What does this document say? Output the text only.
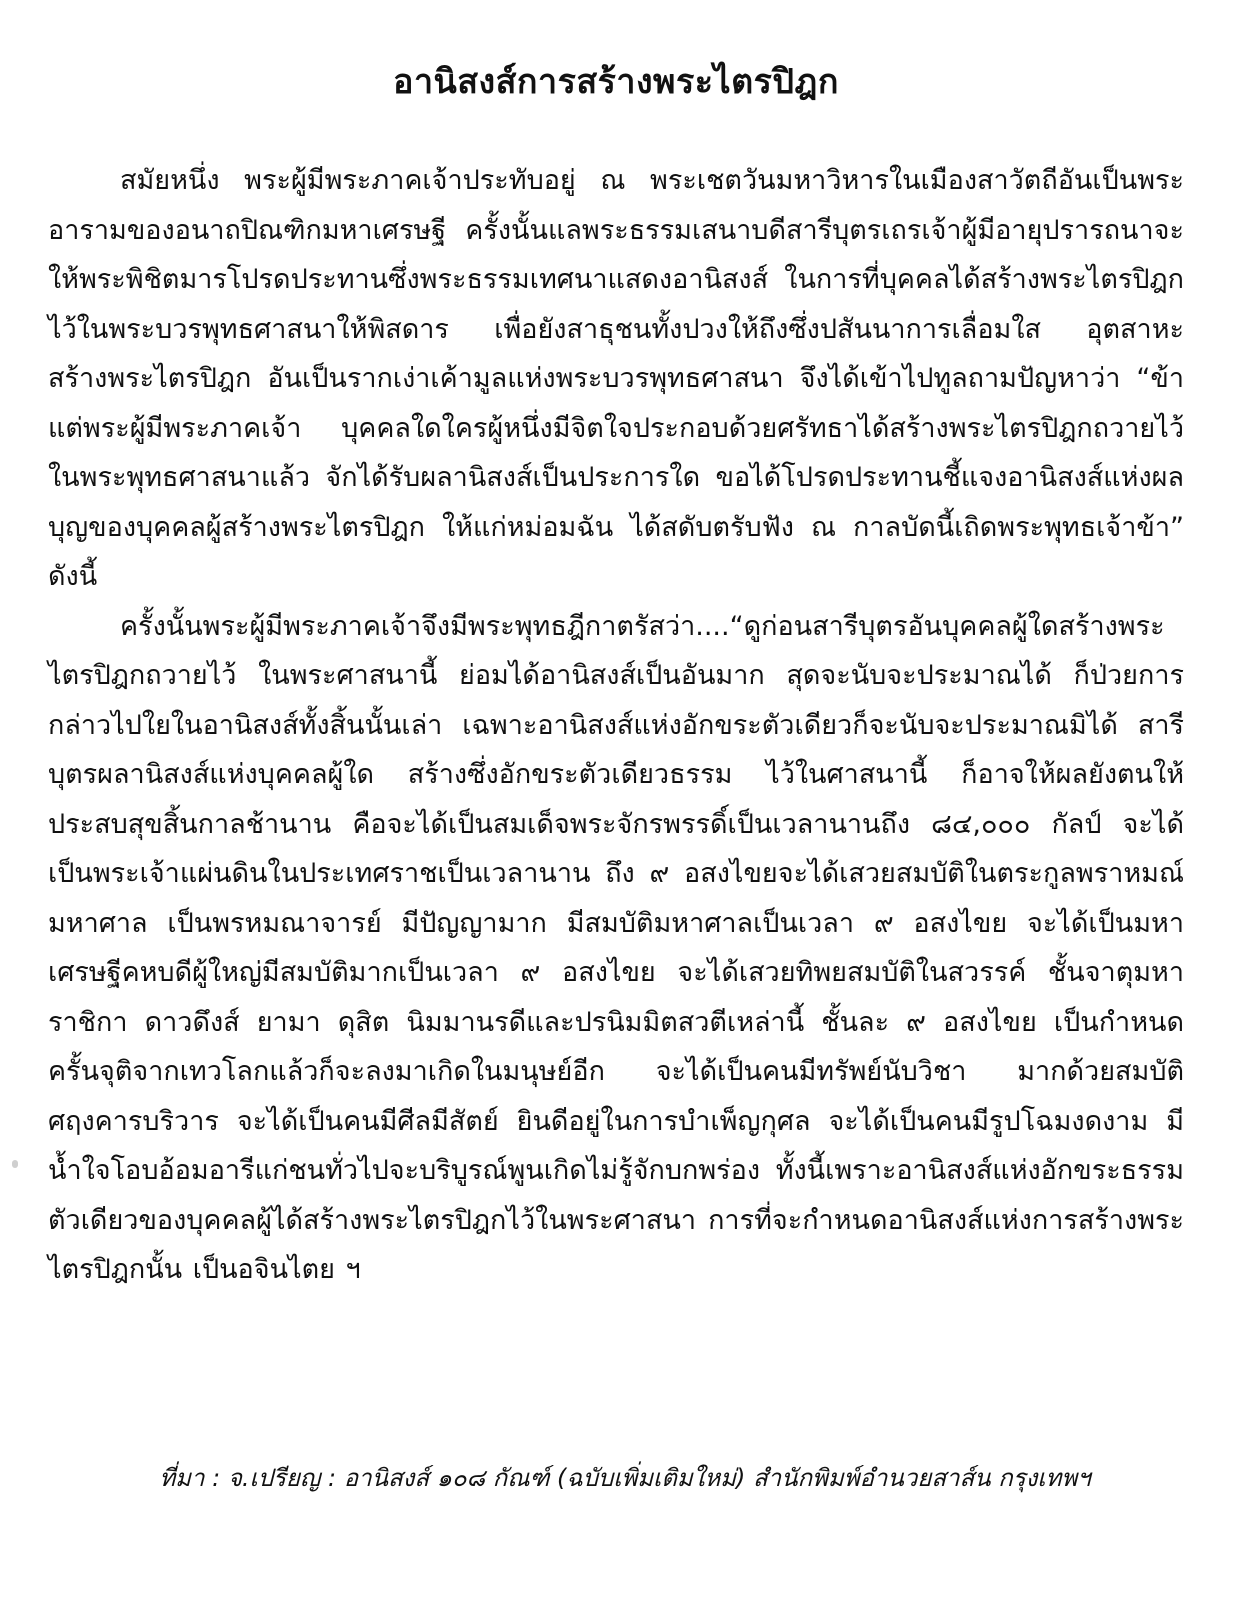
อานิสงส์การสร้างพระไตรปิฎก

สมัยหนึ่ง พระผู้มีพระภาคเจ้าประทับอยู่ ณ พระเชตวันมหาวิหารในเมืองสาวัตถีอันเป็นพระอารามของอนาถปิณฑิกมหาเศรษฐี ครั้งนั้นแลพระธรรมเสนาบดีสารีบุตรเถรเจ้าผู้มีอายุปรารถนาจะให้พระพิชิตมารโปรดประทานซึ่งพระธรรมเทศนาแสดงอานิสงส์ ในการที่บุคคลได้สร้างพระไตรปิฎก ไว้ในพระบวรพุทธศาสนาให้พิสดาร เพื่อยังสาธุชนทั้งปวงให้ถึงซึ่งปสันนาการเลื่อมใส อุตสาหะ สร้างพระไตรปิฎก อันเป็นรากเง่าเค้ามูลแห่งพระบวรพุทธศาสนา จึงได้เข้าไปทูลถามปัญหาว่า “ข้าแต่พระผู้มีพระภาคเจ้า บุคคลใดใครผู้หนึ่งมีจิตใจประกอบด้วยศรัทธาได้สร้างพระไตรปิฎกถวายไว้ในพระพุทธศาสนาแล้ว จักได้รับผลานิสงส์เป็นประการใด ขอได้โปรดประทานชี้แจงอานิสงส์แห่งผลบุญของบุคคลผู้สร้างพระไตรปิฎก ให้แก่หม่อมฉัน ได้สดับตรับฟัง ณ กาลบัดนี้เถิดพระพุทธเจ้าข้า” ดังนี้

ครั้งนั้นพระผู้มีพระภาคเจ้าจึงมีพระพุทธฎีกาตรัสว่า....“ดูก่อนสารีบุตรอันบุคคลผู้ใดสร้างพระไตรปิฎกถวายไว้ ในพระศาสนานี้ ย่อมได้อานิสงส์เป็นอันมาก สุดจะนับจะประมาณได้ ก็ป่วยการกล่าวไปใยในอานิสงส์ทั้งสิ้นนั้นเล่า เฉพาะอานิสงส์แห่งอักขระตัวเดียวก็จะนับจะประมาณมิได้ สารีบุตรผลานิสงส์แห่งบุคคลผู้ใด สร้างซึ่งอักขระตัวเดียวธรรม ไว้ในศาสนานี้ ก็อาจให้ผลยังตนให้ประสบสุขสิ้นกาลช้านาน คือจะได้เป็นสมเด็จพระจักรพรรดิ์เป็นเวลานานถึง ๘๔,๐๐๐ กัลป์ จะได้เป็นพระเจ้าแผ่นดินในประเทศราชเป็นเวลานาน ถึง ๙ อสงไขยจะได้เสวยสมบัติในตระกูลพราหมณ์มหาศาล เป็นพรหมณาจารย์ มีปัญญามาก มีสมบัติมหาศาลเป็นเวลา ๙ อสงไขย จะได้เป็นมหาเศรษฐีคหบดีผู้ใหญ่มีสมบัติมากเป็นเวลา ๙ อสงไขย จะได้เสวยทิพยสมบัติในสวรรค์ ชั้นจาตุมหาราชิกา ดาวดึงส์ ยามา ดุสิต นิมมานรดีและปรนิมมิตสวตีเหล่านี้ ชั้นละ ๙ อสงไขย เป็นกำหนด ครั้นจุติจากเทวโลกแล้วก็จะลงมาเกิดในมนุษย์อีก จะได้เป็นคนมีทรัพย์นับวิชา มากด้วยสมบัติศฤงคารบริวาร จะได้เป็นคนมีศีลมีสัตย์ ยินดีอยู่ในการบำเพ็ญกุศล จะได้เป็นคนมีรูปโฉมงดงาม มีน้ำใจโอบอ้อมอารีแก่ชนทั่วไปจะบริบูรณ์พูนเกิดไม่รู้จักบกพร่อง ทั้งนี้เพราะอานิสงส์แห่งอักขระธรรมตัวเดียวของบุคคลผู้ได้สร้างพระไตรปิฎกไว้ในพระศาสนา การที่จะกำหนดอานิสงส์แห่งการสร้างพระไตรปิฎกนั้น เป็นอจินไตย ฯ

ที่มา : จ.เปรียญ : อานิสงส์ ๑๐๘ กัณฑ์ (ฉบับเพิ่มเติมใหม่) สำนักพิมพ์อำนวยสาส์น กรุงเทพฯ
